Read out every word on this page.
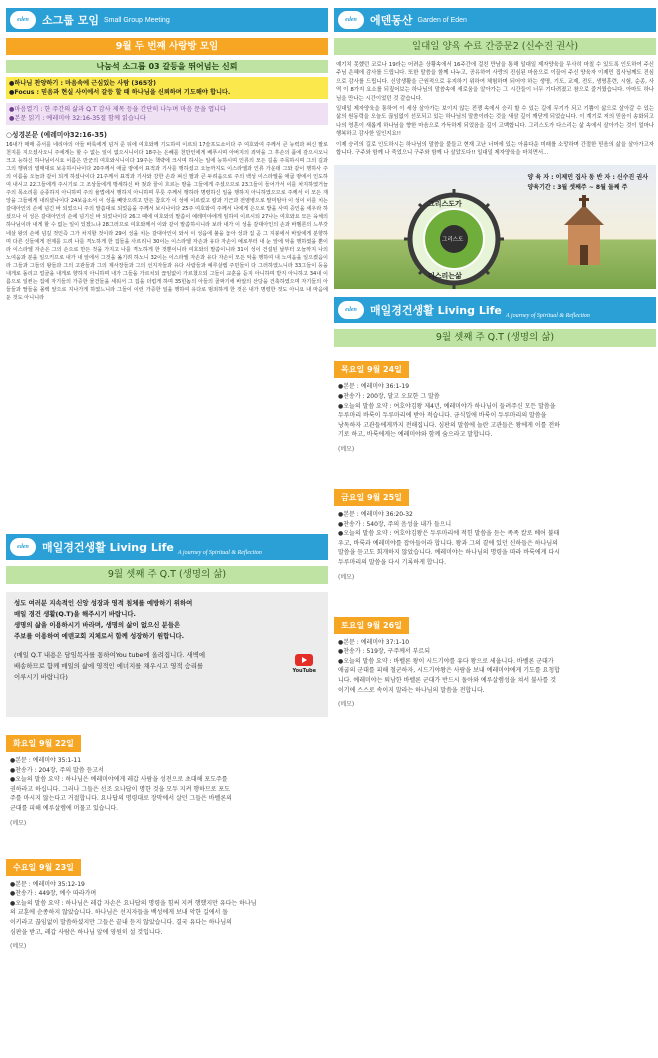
eden	소그룹 모임 Small Group Meeting
9월 두 번째 사랑방 모임
나눔석 소그룹 03 갈등을 뛰어넘는 신뢰
●하나님 찬양하기 : 마음속에 근심있는 사람 (365장)
●Focus : 믿음과 현실 사이에서 갈등 할 때 하나님을 신뢰하며 기도해야 합니다.
●마음열기 : 한 주간의 삶과 Q.T 감사 제목 등을 간단히 나누며 마음 문을 엽니다
●본문 읽기 : 예레미야 32:16-35절 함께 읽습니다
○성경본문 (예레미야32:16-35)
16내가 매매 증서를 네리야의 아들 바룩에게 넘겨 준 뒤에 여호와께 기도하여 이르되 17슬프도소이다 주 여호와여 주께서 큰 능력과 펴신 팔로 천지를 지으셨사오니 주에게는 할 수 없는 일이 없으시니이다 18주는 은혜를 천만인에게 베푸시며 아버지의 죄악을 그 후손의 품에 갚으시오니 크고 능하신 하나님이시요 이름은 만군의 여호와시니이다 19주는 책략에 크시며 하시는 일에 능하시며 인류의 모든 길을 주목하시며 그의 길과 그의 행위의 열매대로 보응하시나이다 20주께서 애굽 땅에서 표적과 기사를 행하셨고 오늘까지도 이스라엘과 인류 가운데 그와 같이 행하사 주의 이름을 오늘과 같이 되게 하셨나이다 21주께서 표적과 기사와 강한 손과 펴신 팔과 큰 두려움으로 주의 백성 이스라엘을 애굽 땅에서 인도하여 내시고 22그들에게 주시기로 그 조상들에게 맹세하신 바 젖과 꿀이 흐르는 땅을 그들에게 주셨으므로 23그들이 들어가서 이를 차지하였거늘 주의 목소리를 순종하지 아니하며 주의 율법에서 행하지 아니하며 무릇 주께서 행하라 명령하신 일을 행하지 아니하였으므로 주께서 이 모든 재앙을 그들에게 내리셨나이다 24보옵소서 이 성을 빼앗으려고 만든 참호가 이 성에 이르렀고 칼과 기근과 전염병으로 말미암아 이 성이 이를 치는 갈대아인의 손에 넘긴 바 되었으니 주의 말씀대로 되었음을 주께서 보시나이다 25주 여호와여 주께서 나에게 은으로 밭을 사며 증인을 세우라 하셨으나 이 성은 갈대아인의 손에 넘기신 바 되었나이다 26그 때에 여호와의 말씀이 예레미야에게 임하여 이르시되 27나는 여호와요 모든 육체의 하나님이라 내게 할 수 없는 일이 있겠느냐 28그러므로 여호와께서 이와 같이 말씀하시니라 보라 내가 이 성을 갈대아인의 손과 바벨론의 느부갓네살 왕의 손에 넘길 것인즉 그가 차지할 것이라 29이 성을 치는 갈대아인이 와서 이 성읍에 불을 놓아 성과 집 곧 그 지붕에서 바알에게 분향하며 다른 신들에게 전제를 드려 나를 격노하게 한 집들을 사르리니 30이는 이스라엘 자손과 유다 자손이 예로부터 내 눈 앞에 악을 행하였을 뿐이라 이스라엘 자손은 그의 손으로 만든 것을 가지고 나를 격노하게 한 것뿐이니라 여호와의 말씀이니라 31이 성이 건설된 날부터 오늘까지 나의 노여움과 분을 일으키므로 내가 내 앞에서 그것을 옮기려 하노니 32이는 이스라엘 자손과 유다 자손이 모든 악을 행하여 내 노여움을 일으켰음이라 그들과 그들의 왕들과 그의 고관들과 그의 제사장들과 그의 선지자들과 유다 사람들과 예루살렘 주민들이 다 그러하였느니라 33그들이 등을 내게로 돌리고 얼굴을 내게로 향하지 아니하며 내가 그들을 가르치되 끊임없이 가르쳤으되 그들이 교훈을 듣지 아니하며 받지 아니하고 34내 이름으로 일컫는 집에 자기들의 가증한 물건들을 세워서 그 집을 더럽게 하며 35힌놈의 아들의 골짜기에 바알의 산당을 건축하였으며 자기들의 아들들과 딸들을 몰렉 앞으로 지나가게 하였느니라 그들이 이런 가증한 일을 행하여 유다로 범죄하게 한 것은 내가 명령한 것도 아니요 내 마음에 둔 것도 아니니라
eden	매일경건생활 Living Life A journey of Spiritual & Reflection
9월 셋째 주 Q.T (생명의 삶)
성도 여러분 지속적인 신앙 성장과 영적 침체를 예방하기 위하여
매일 경건 생활(Q.T)을 해주시기 바랍니다.
생명의 삶을 이용하시기 바라며, 생명의 삶이 없으신 분들은
주보를 이용하여 에덴교회 지체로서 함께 성장하기 원합니다.
(매일 Q.T 내용은 담임목사를 통하여You tube에 올려집니다. 새벽에
배송하므로 함께 매일의 삶에 영적인 에너지를 채우시고 영적 승리를
이루시기 바랍니다)
YouTube
화요일 9월 22일
●본문 : 예레미야 35:1-11
●찬송가 : 204장, 주의 말씀 듣고서
●오늘의 말씀 요약 : 하나님은 예레미야에게 레갑 사람을 성전으로 초대해 포도주를
권하라고 하십니다. 그러나 그들은 선조 요나답이 명한 것을 모두 지켜 행하므로 포도
주를 마시지 않는다고 거절합니다. 요나답의 명령대로 장막에서 살던 그들은 바벨론의
군대를 피해 예루살렘에 머물고 있습니다.
(메모)
수요일 9월 23일
●본문 : 예레미야 35:12-19
●찬송가 : 449장, 예수 따라가며
●오늘의 말씀 요약 : 하나님은 레갑 자손은 요나답의 명령을 힘써 지켜 행했지만 유다는 하나님
의 교훈에 순종하지 않았습니다. 하나님은 선지자들을 백성에게 보내 악한 길에서 돌
이키라고 끊임없이 말씀하셨지만 그들은 끝내 듣지 않았습니다. 결국 유다는 하나님의
심판을 받고, 레갑 사람은 하나님 앞에 영원히 설 것입니다.
(메모)
eden	에덴동산 Garden of Eden
일대일 양육 수료 간증문2 (신수진 권사)

예기치 못했던 코로나 19라는 어려운 상황속에서 16주간에 걸친 만남을 통해 일대일 제자양육을 무사히 마칠 수 있도록 인도하여 주신 주님 은혜에 감사를 드립니다. 또한 말씀을 함께 나누고, 공유하여 사랑의 진심된 마음으로 이끌어 주신 양육자 이제민 집사님께도 진심으로 감사를 드립니다. 신앙생활을 근원적으로 유지하기 위하여 체험하며 되어야 하는 생명, 기도, 교제, 전도, 생명훈련, 시험, 순종, 사역 이 8가지 요소를 되짚어보는 하나님의 말씀속에 새로움을 알아가는 그 시간들이 너무 기다려졌고 참으로 즐거웠습니다. 아마도 하나님을 만나는 시간이었던 것 같습니다.

일대일 제자양육을 통하여 이 세상 살아가는 보이지 않는 전쟁 속에서 승리 할 수 있는 길에 무기가 되고 기쁨이 삶으로 살아갈 수 있는 삶의 원동력을 오늘도 끊임없이 선포되고 있는 하나님의 말씀이라는 것을 새삼 깊이 깨닫게 되었습니다. 이 계기로 저의 믿음이 송화되고 나의 영혼이 새롭게 하나님을 향한 마음으로 가득하게 되었음을 깊이 고백합니다. 그리스도가 다스리는 삶 속에서 살아가는 것이 얼마나 행복하고 감사한 일인지요!!

이제 승리의 길로 인도하시는 하나님의 말씀을 붙들고 현재 고난 너머에 있는 아름다운 미래를 소망하며 간절한 믿음의 삶을 살아가고자 합니다. 구주와 함께 나 죽었으니 구주와 함께 나 살았도다!! 일대일 제자양육을 마치면서...

그리스도가
그리스도
디스리는삶
양 육 자 : 이제민 집사 동 반 자 : 신수진 권사
양육기간 : 3월 셋째주 ~ 8월 둘째 주
eden	매일경건생활 Living Life A journey of Spiritual & Reflection
9월 셋째 주 Q.T (생명의 삶)
목요일 9월 24일
●본문 : 예레미야 36:1-19
●찬송가 : 200장, 달고 오묘한 그 말씀
●오늘의 말씀 요약 : 여호야김왕 제4년, 예레미야가 하나님이 들려주신 모든 말씀을
두루마리 바룩이 두루마리에 받아 적습니다. 금식일에 바룩이 두루마리의 말씀을
낭독하자 고관들에게까지 전해집니다. 심판의 말씀에 놀란 고관들은 왕에게 이를 전하
기로 하고, 바룩에게는 예레미야와 함께 숨으라고 말합니다.
(메모)
금요일 9월 25일
●본문 : 예레미야 36:20-32
●찬송가 : 540장, 주의 음성을 내가 들으니
●오늘의 말씀 요약 : 여호야김왕은 두루마리에 적힌 말씀을 듣는 족족 칼로 베어 불태
우고, 바룩과 예레미야를 잡아들이라 합니다. 왕과 그의 곁에 있던 신하들은 하나님의
말씀을 듣고도 회개하지 않았습니다. 예레미야는 하나님의 명령을 따라 바룩에게 다시
두루마리의 말씀을 다시 기록하게 합니다.
(메모)
토요일 9월 26일
●본문 : 예레미야 37:1-10
●찬송가 : 519장, 구주께서 부르되
●오늘의 말씀 요약 : 바벨론 왕이 시드기야를 유다 왕으로 세웁니다. 바벨론 군대가
애굽의 군대를 피해 철군하자, 시드기야왕은 사람을 보내 예레미야에게 기도를 요청합
니다. 예레미야는 퇴남한 바벨론 군대가 반드시 돌아와 예루살렘성을 쳐서 불사를 것
이기에 스스로 속이지 말라는 하나님의 말씀을 전합니다.
(메모)
